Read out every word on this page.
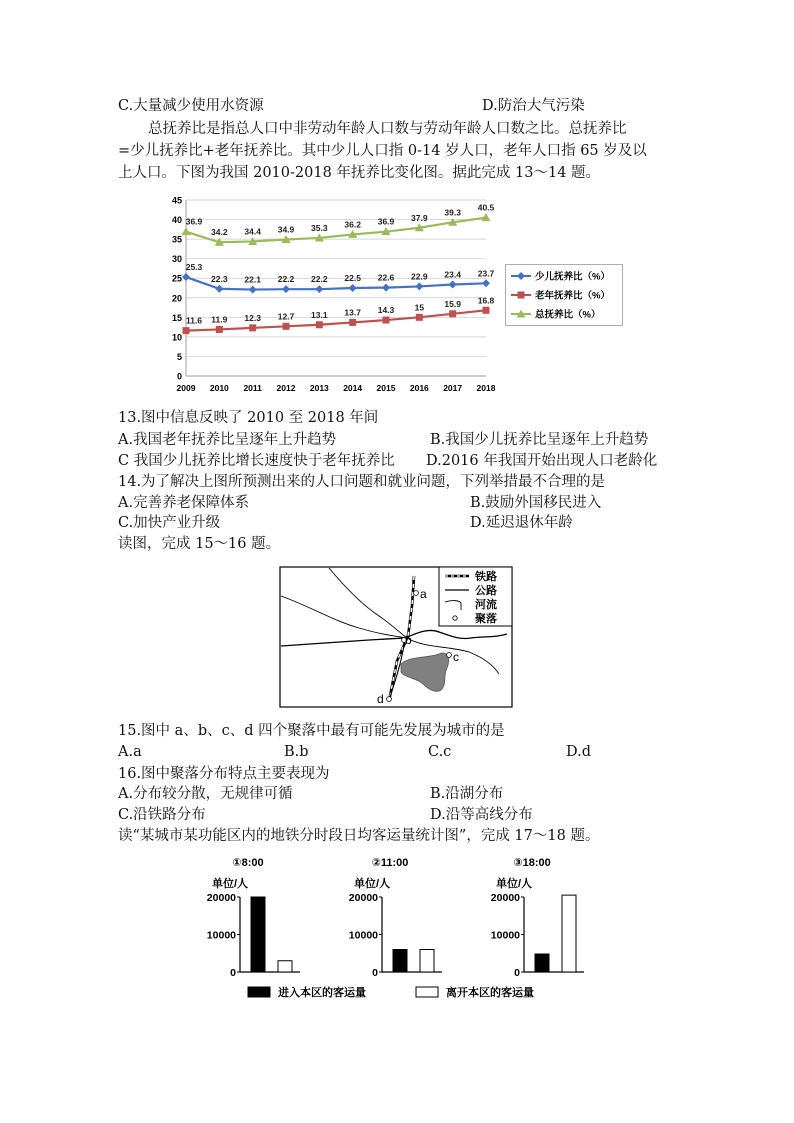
C.大量减少使用水资源	D.防治大气污染
总抚养比是指总人口中非劳动年龄人口数与劳动年龄人口数之比。总抚养比
=少儿抚养比+老年抚养比。其中少儿人口指 0-14 岁人口，老年人口指 65 岁及以
上人口。下图为我国 2010-2018 年抚养比变化图。据此完成 13～14 题。
0
5
10
15
20
25
30
35
40
45
2009 2010 2011 2012 2013 2014 2015 2016 2017 2018
25.3
22.3 22.1 22.2 22.2 22.5 22.6 22.9 23.4 23.7
11.6 11.9 12.3 12.7 13.1 13.7 14.3 15 15.9 16.8
36.9
34.2 34.4 34.9 35.3 36.2 36.9 37.9
39.3 40.5
13.图中信息反映了 2010 至 2018 年间
A.我国老年抚养比呈逐年上升趋势	B.我国少儿抚养比呈逐年上升趋势
C 我国少儿抚养比增长速度快于老年抚养比 D.2016 年我国开始出现人口老龄化
14.为了解决上图所预测出来的人口问题和就业问题，下列举措最不合理的是
A.完善养老保障体系	B.鼓励外国移民进入
C.加快产业升级	D.延迟退休年龄
读图，完成 15～16 题。
a
b
c
d
铁路
公路
河流
聚落
15.图中 a、b、c、d 四个聚落中最有可能先发展为城市的是
A.a	B.b	C.c	D.d
16.图中聚落分布特点主要表现为
A.分布较分散，无规律可循	B.沿湖分布
C.沿铁路分布	D.沿等高线分布
读“某城市某功能区内的地铁分时段日均客运量统计图”，完成 17～18 题。
①8:00
单位/人
0
10000
20000
②11:00
单位/人
0
10000
20000
③18:00
单位/人
0
10000
20000
进入本区的客运量	离开本区的客运量
少儿抚养比（%）
老年抚养比（%）
总抚养比（%）
